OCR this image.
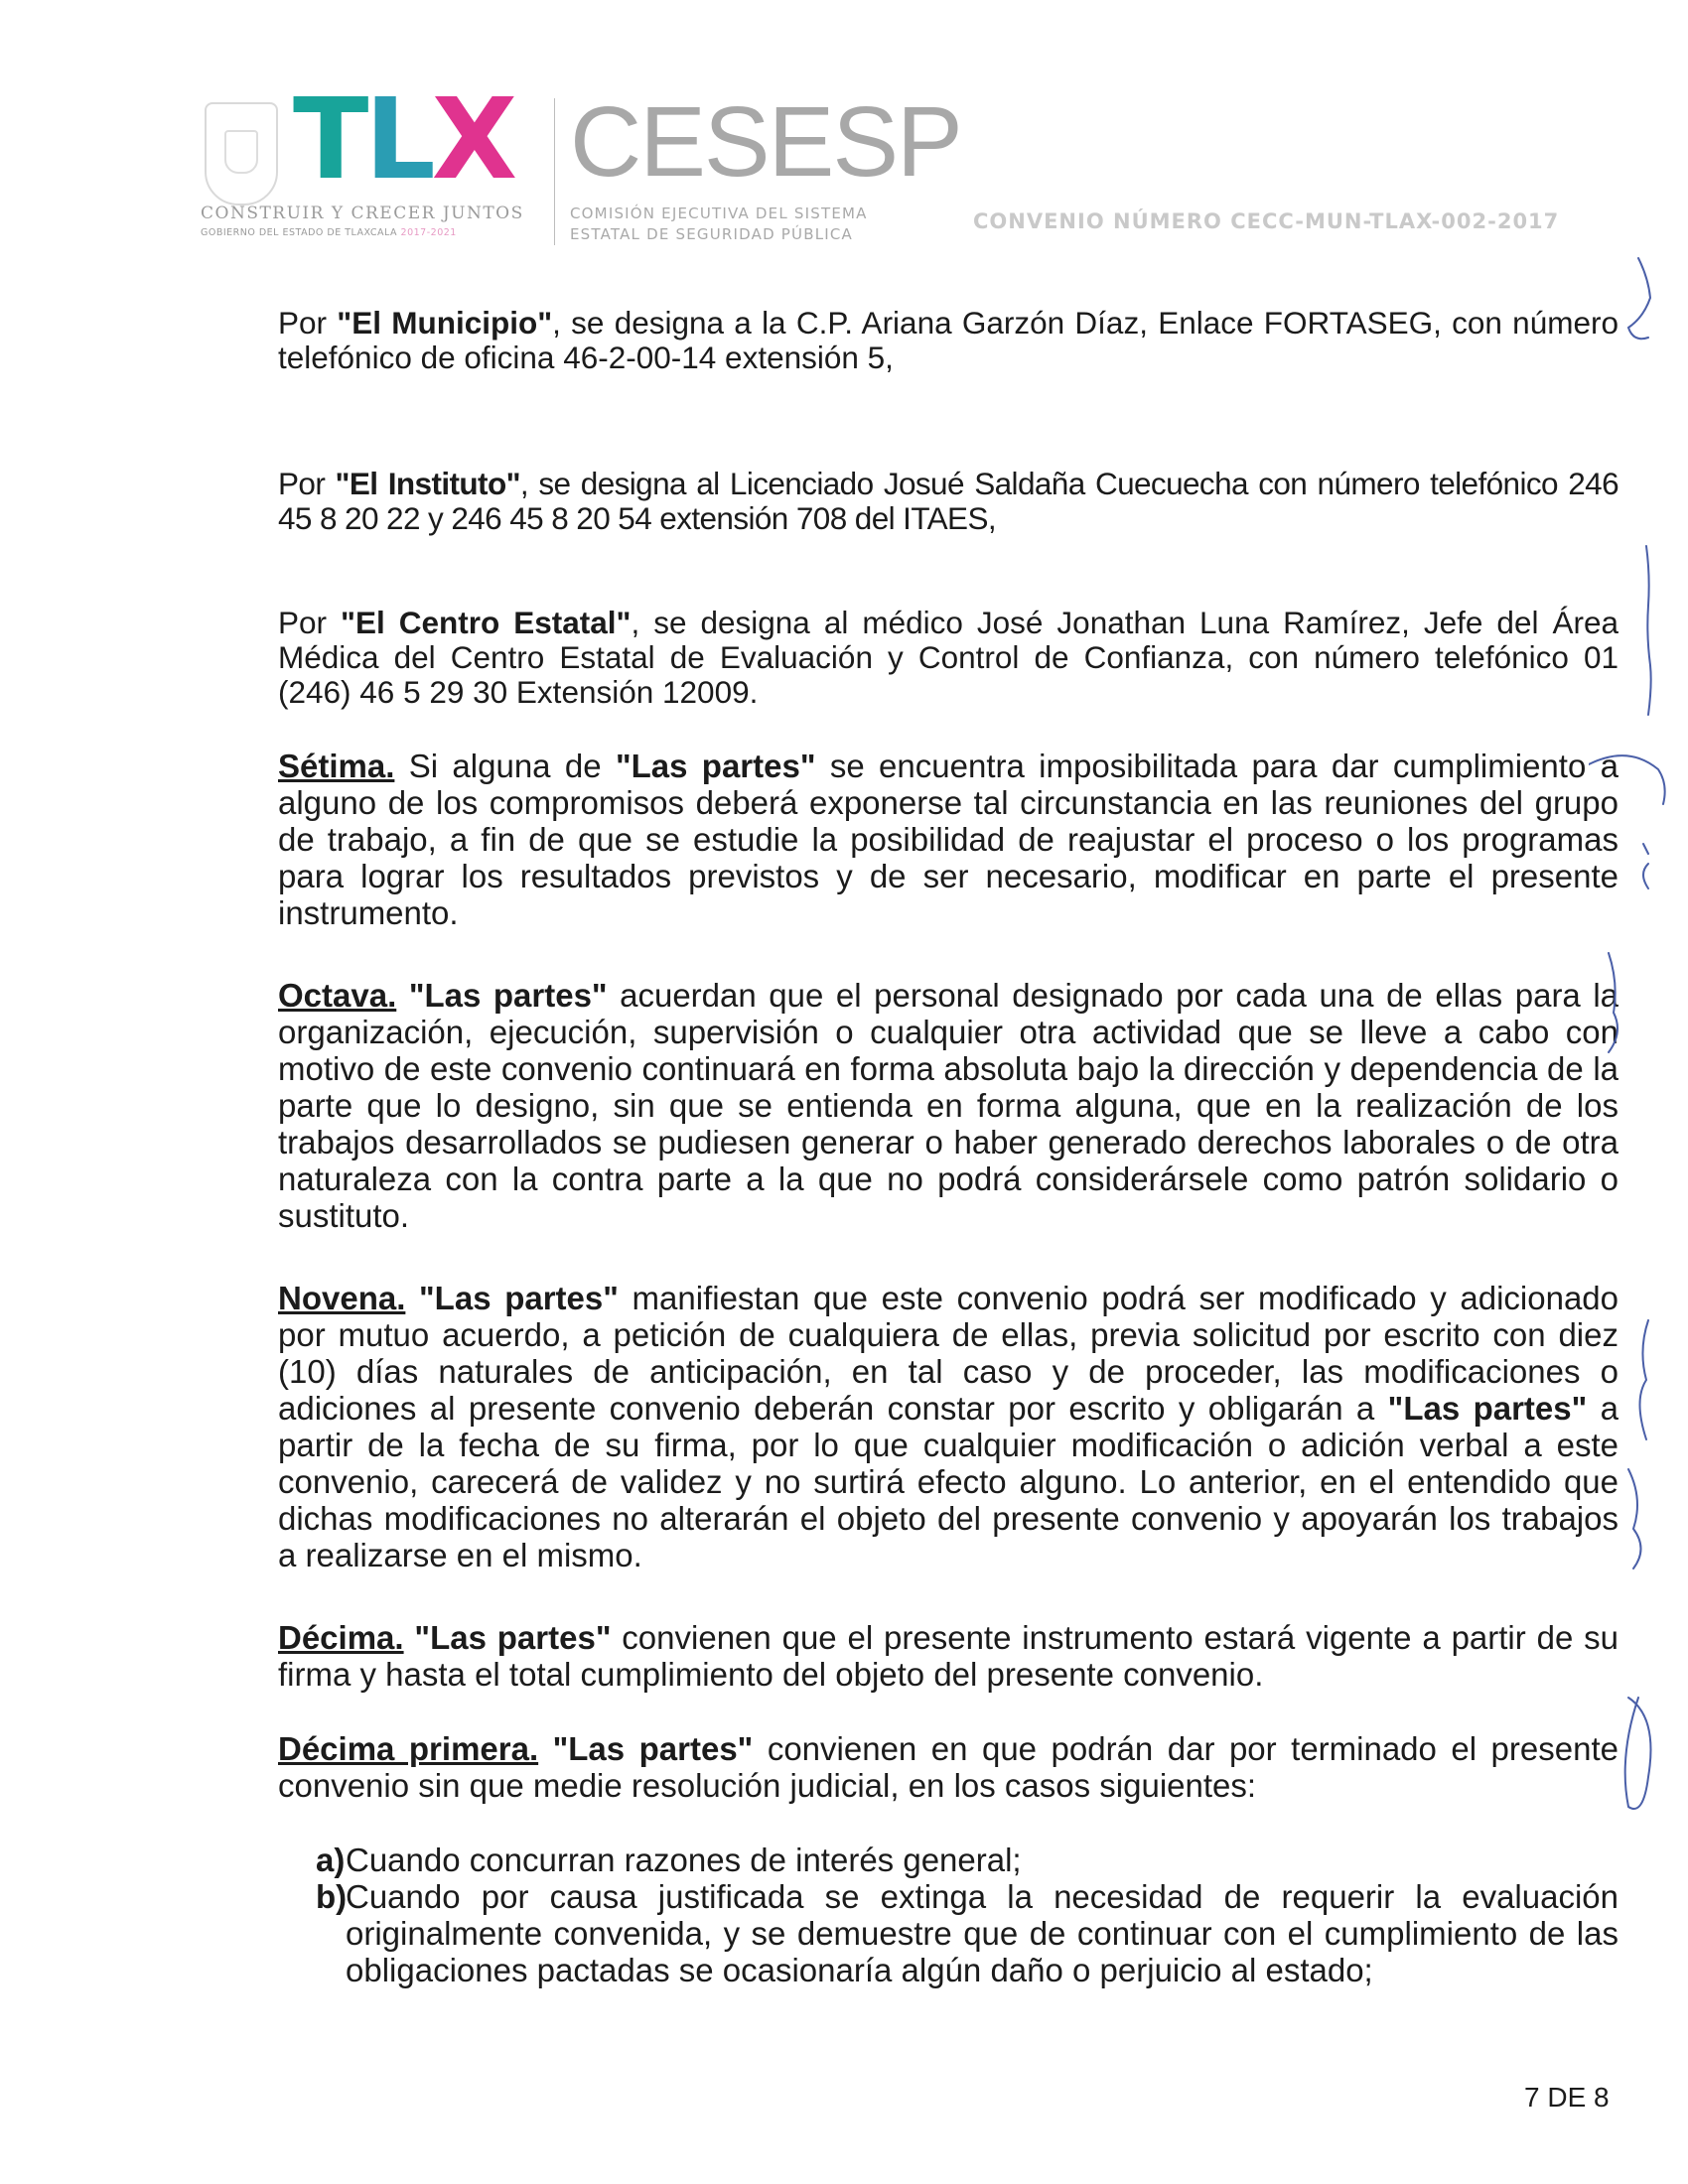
TLX
CONSTRUIR Y CRECER JUNTOS
GOBIERNO DEL ESTADO DE TLAXCALA 2017-2021
CESESP
COMISIÓN EJECUTIVA DEL SISTEMA
ESTATAL DE SEGURIDAD PÚBLICA
CONVENIO NÚMERO CECC-MUN-TLAX-002-2017

Por "El Municipio", se designa a la C.P. Ariana Garzón Díaz, Enlace FORTASEG, con número telefónico de oficina 46-2-00-14 extensión 5,

Por "El Instituto", se designa al Licenciado Josué Saldaña Cuecuecha con número telefónico 246 45 8 20 22 y 246 45 8 20 54 extensión 708 del ITAES,

Por "El Centro Estatal", se designa al médico José Jonathan Luna Ramírez, Jefe del Área Médica del Centro Estatal de Evaluación y Control de Confianza, con número telefónico 01 (246) 46 5 29 30 Extensión 12009.

Sétima. Si alguna de "Las partes" se encuentra imposibilitada para dar cumplimiento a alguno de los compromisos deberá exponerse tal circunstancia en las reuniones del grupo de trabajo, a fin de que se estudie la posibilidad de reajustar el proceso o los programas para lograr los resultados previstos y de ser necesario, modificar en parte el presente instrumento.

Octava. "Las partes" acuerdan que el personal designado por cada una de ellas para la organización, ejecución, supervisión o cualquier otra actividad que se lleve a cabo con motivo de este convenio continuará en forma absoluta bajo la dirección y dependencia de la parte que lo designo, sin que se entienda en forma alguna, que en la realización de los trabajos desarrollados se pudiesen generar o haber generado derechos laborales o de otra naturaleza con la contra parte a la que no podrá considerársele como patrón solidario o sustituto.

Novena. "Las partes" manifiestan que este convenio podrá ser modificado y adicionado por mutuo acuerdo, a petición de cualquiera de ellas, previa solicitud por escrito con diez (10) días naturales de anticipación, en tal caso y de proceder, las modificaciones o adiciones al presente convenio deberán constar por escrito y obligarán a "Las partes" a partir de la fecha de su firma, por lo que cualquier modificación o adición verbal a este convenio, carecerá de validez y no surtirá efecto alguno. Lo anterior, en el entendido que dichas modificaciones no alterarán el objeto del presente convenio y apoyarán los trabajos a realizarse en el mismo.

Décima. "Las partes" convienen que el presente instrumento estará vigente a partir de su firma y hasta el total cumplimiento del objeto del presente convenio.

Décima primera. "Las partes" convienen en que podrán dar por terminado el presente convenio sin que medie resolución judicial, en los casos siguientes:

a) Cuando concurran razones de interés general;
b)
Cuando por causa justificada se extinga la necesidad de requerir la evaluación originalmente convenida, y se demuestre que de continuar con el cumplimiento de las obligaciones pactadas se ocasionaría algún daño o perjuicio al estado;
7 DE 8
